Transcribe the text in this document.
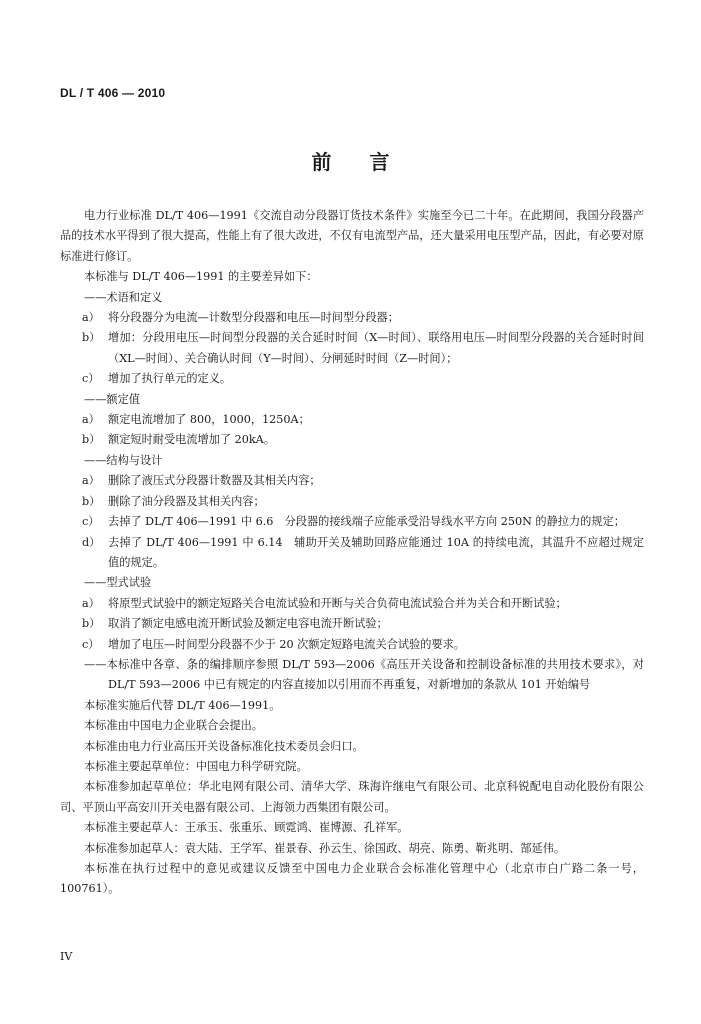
DL / T 406 — 2010
前言

电力行业标准 DL/T 406—1991《交流自动分段器订货技术条件》实施至今已二十年。在此期间，我国分段器产品的技术水平得到了很大提高，性能上有了很大改进，不仅有电流型产品，还大量采用电压型产品，因此，有必要对原标准进行修订。

本标准与 DL/T 406—1991 的主要差异如下：

——术语和定义

a） 将分段器分为电流—计数型分段器和电压—时间型分段器；
b） 增加：分段用电压—时间型分段器的关合延时时间（X—时间）、联络用电压—时间型分段器的关合延时时间（XL—时间）、关合确认时间（Y—时间）、分闸延时时间（Z—时间）；
c） 增加了执行单元的定义。

——额定值

a） 额定电流增加了 800，1000，1250A；
b） 额定短时耐受电流增加了 20kA。

——结构与设计

a） 删除了液压式分段器计数器及其相关内容；
b） 删除了油分段器及其相关内容；
c） 去掉了 DL/T 406—1991 中 6.6　分段器的接线端子应能承受沿导线水平方向 250N 的静拉力的规定；
d） 去掉了 DL/T 406—1991 中 6.14　辅助开关及辅助回路应能通过 10A 的持续电流，其温升不应超过规定值的规定。

——型式试验

a） 将原型式试验中的额定短路关合电流试验和开断与关合负荷电流试验合并为关合和开断试验；
b） 取消了额定电感电流开断试验及额定电容电流开断试验；
c） 增加了电压—时间型分段器不少于 20 次额定短路电流关合试验的要求。

——本标准中各章、条的编排顺序参照 DL/T 593—2006《高压开关设备和控制设备标准的共用技术要求》，对 DL/T 593—2006 中已有规定的内容直接加以引用而不再重复，对新增加的条款从 101 开始编号

本标准实施后代替 DL/T 406—1991。

本标准由中国电力企业联合会提出。

本标准由电力行业高压开关设备标准化技术委员会归口。

本标准主要起草单位：中国电力科学研究院。

本标准参加起草单位：华北电网有限公司、清华大学、珠海许继电气有限公司、北京科锐配电自动化股份有限公司、平顶山平高安川开关电器有限公司、上海领力西集团有限公司。

本标准主要起草人：王承玉、张重乐、顾霓鸿、崔博源、孔祥军。

本标准参加起草人：袁大陆、王学军、崔景春、孙云生、徐国政、胡亮、陈勇、靳兆明、郜延伟。

本标准在执行过程中的意见或建议反馈至中国电力企业联合会标准化管理中心（北京市白广路二条一号，100761）。

IV
